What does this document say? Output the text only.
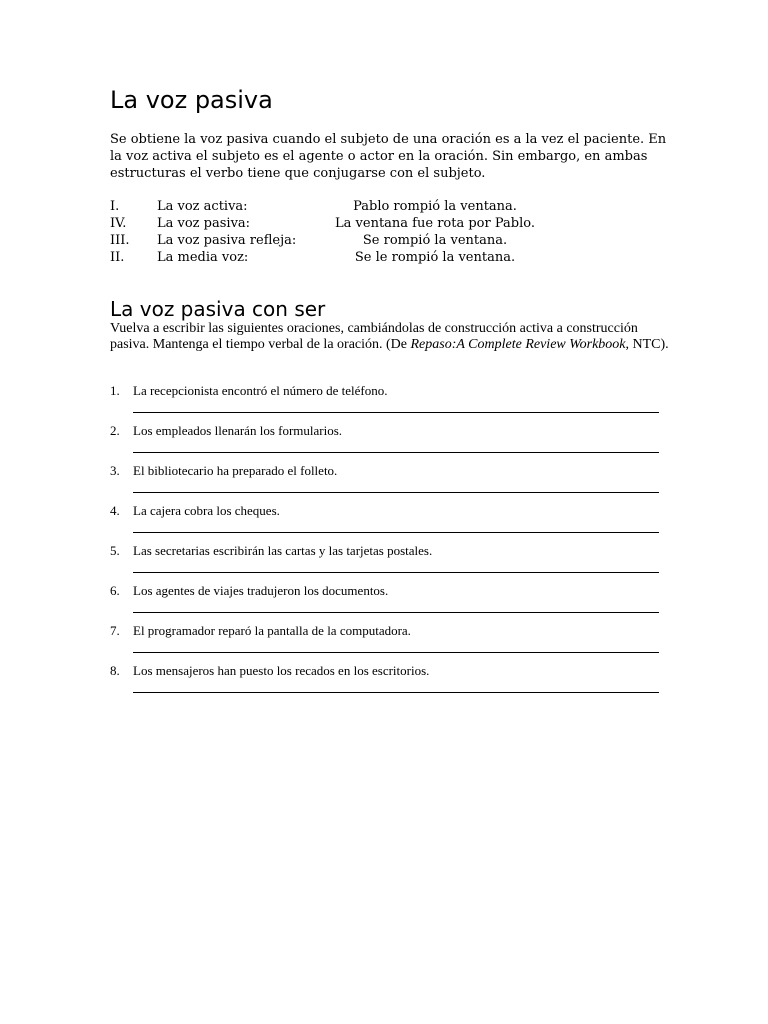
La voz pasiva

Se obtiene la voz pasiva cuando el subjeto de una oración es a la vez el paciente. En la voz activa el subjeto es el agente o actor en la oración. Sin embargo, en ambas estructuras el verbo tiene que conjugarse con el subjeto.

I.	La voz activa:	Pablo rompió la ventana.
IV. La voz pasiva:	La ventana fue rota por Pablo.
III. La voz pasiva refleja:	Se rompió la ventana.
II.	La media voz:	Se le rompió la ventana.
La voz pasiva con ser

Vuelva a escribir las siguientes oraciones, cambiándolas de construcción activa a construcción pasiva. Mantenga el tiempo verbal de la oración. (De Repaso:A Complete Review Workbook, NTC).

1. La recepcionista encontró el número de teléfono.
2. Los empleados llenarán los formularios.
3. El bibliotecario ha preparado el folleto.
4. La cajera cobra los cheques.
5. Las secretarias escribirán las cartas y las tarjetas postales.
6. Los agentes de viajes tradujeron los documentos.
7. El programador reparó la pantalla de la computadora.
8. Los mensajeros han puesto los recados en los escritorios.
